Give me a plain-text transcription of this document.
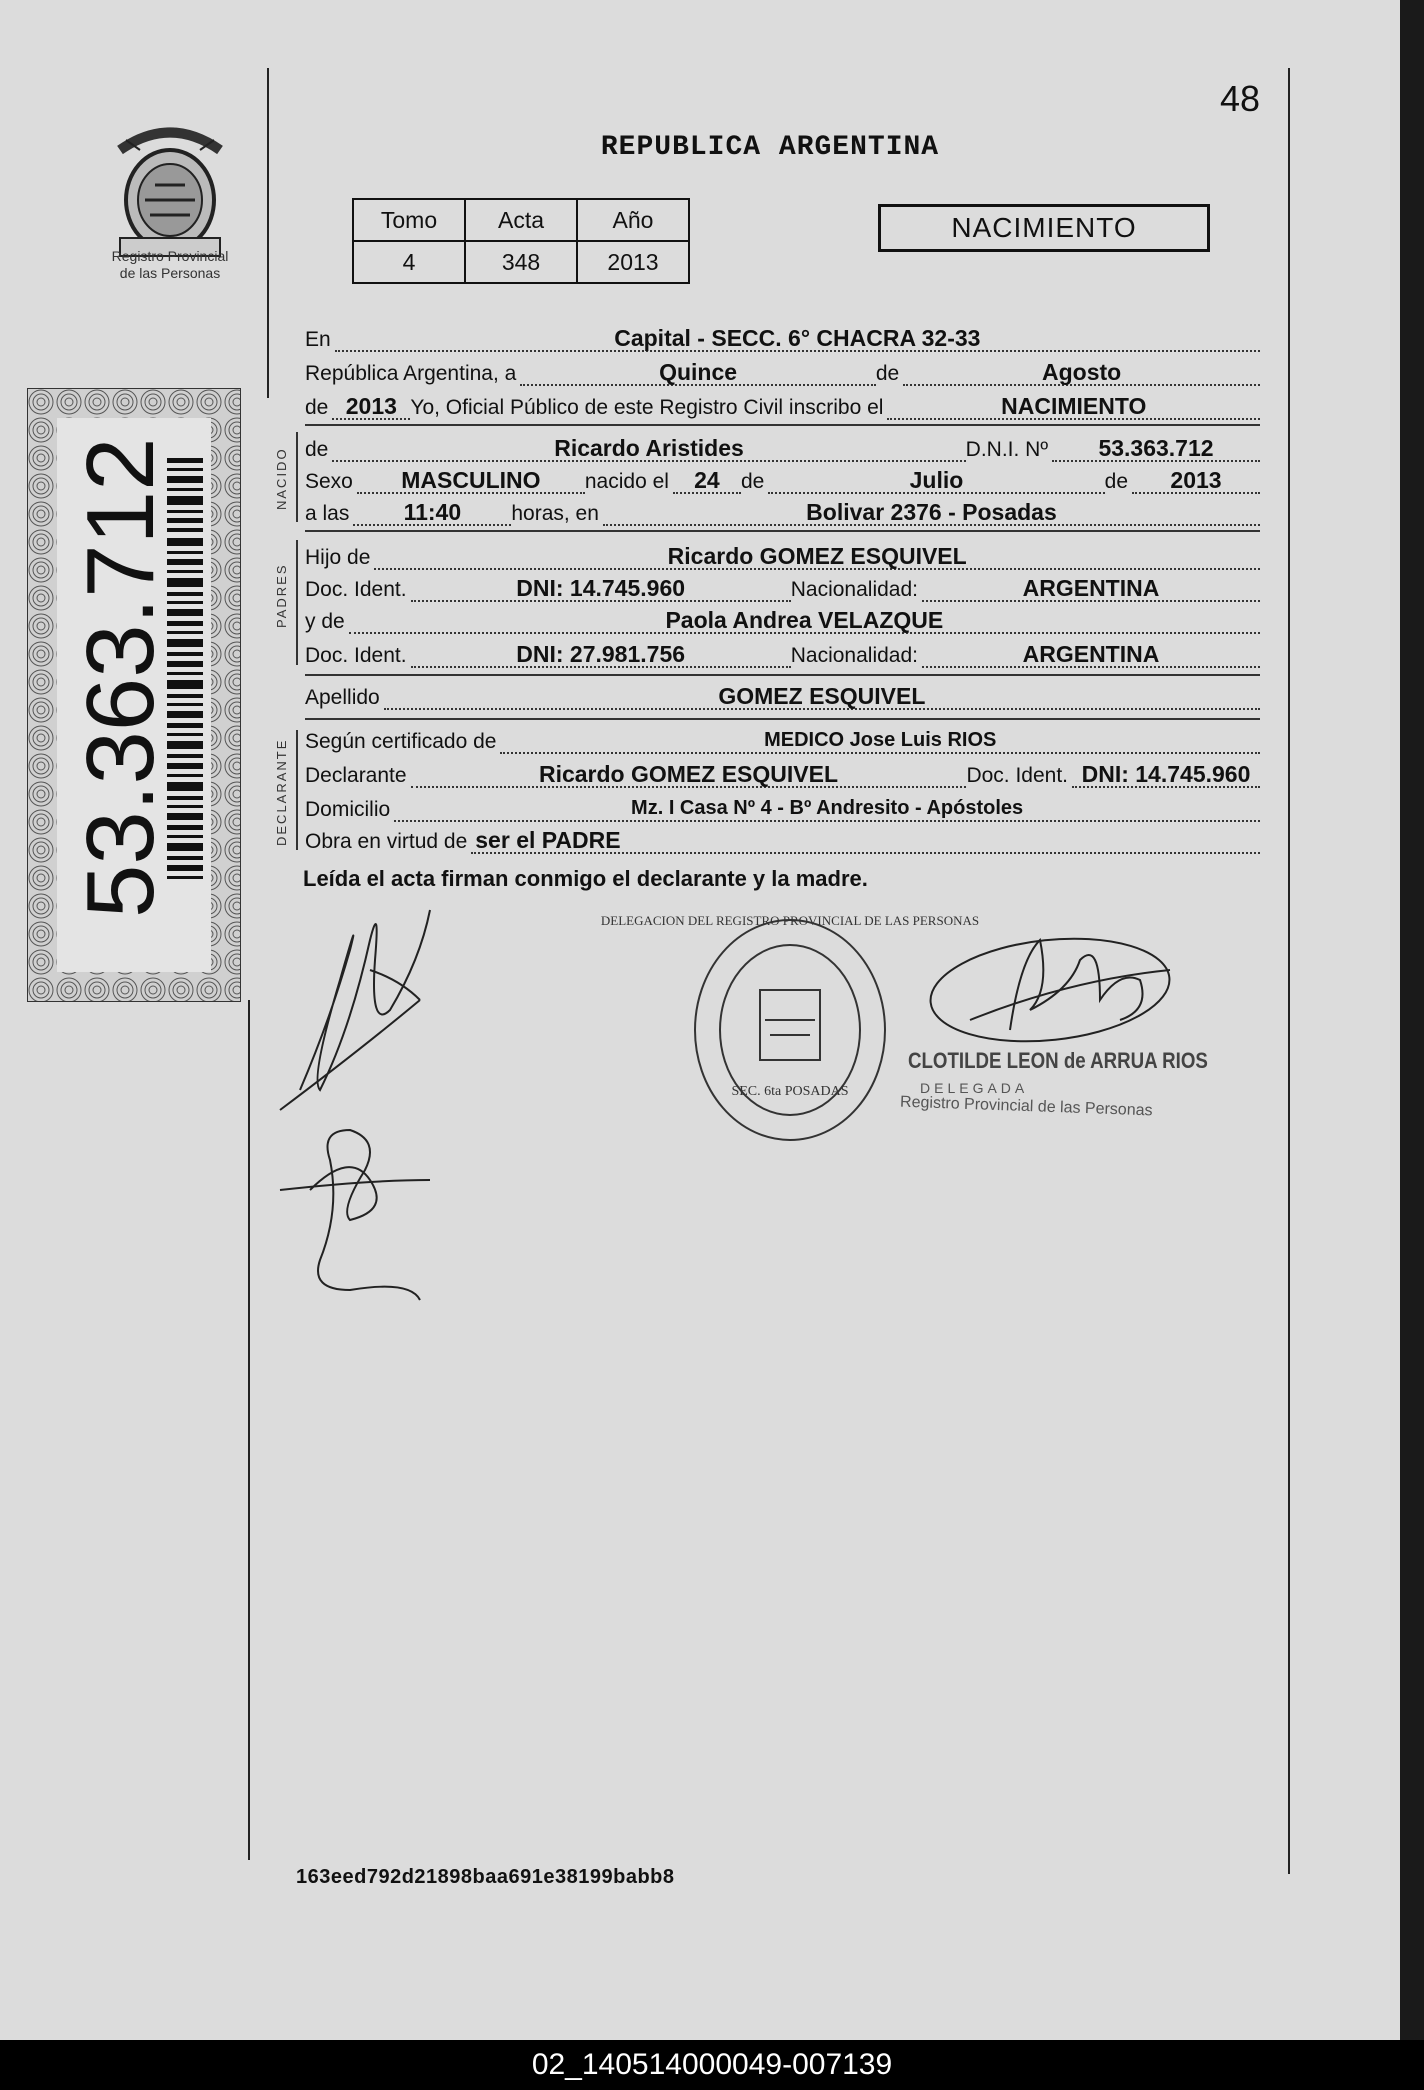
48
Registro Provincial
de las Personas
53.363.712
REPUBLICA ARGENTINA
Tomo	Acta	Año
4	348	2013
NACIMIENTO
En	Capital - SECC. 6° CHACRA 32-33
República Argentina, a	Quince	de	Agosto
de 2013 Yo, Oficial Público de este Registro Civil inscribo el	NACIMIENTO
NACIDO de	Ricardo Aristides	D.N.I. Nº	53.363.712
Sexo	MASCULINO	nacido el	24	de	Julio	de	2013
a las	11:40	horas, en	Bolivar 2376 - Posadas
PADRES
Hijo de	Ricardo GOMEZ ESQUIVEL
Doc. Ident.	DNI: 14.745.960	Nacionalidad:	ARGENTINA
y de	Paola Andrea VELAZQUE
Doc. Ident.	DNI: 27.981.756	Nacionalidad:	ARGENTINA
Apellido	GOMEZ ESQUIVEL
DECLARANTE Según certificado de	MEDICO Jose Luis RIOS
Declarante	Ricardo GOMEZ ESQUIVEL	Doc. Ident. DNI: 14.745.960
Domicilio	Mz. I Casa Nº 4 - Bº Andresito - Apóstoles
Obra en virtud de ser el PADRE
Leída el acta firman conmigo el declarante y la madre.
DELEGACION DEL REGISTRO PROVINCIAL DE LAS PERSONAS
SEC. 6ta POSADAS
CLOTILDE LEON de ARRUA RIOS
DELEGADA
Registro Provincial de las Personas
163eed792d21898baa691e38199babb8
02_140514000049-007139
